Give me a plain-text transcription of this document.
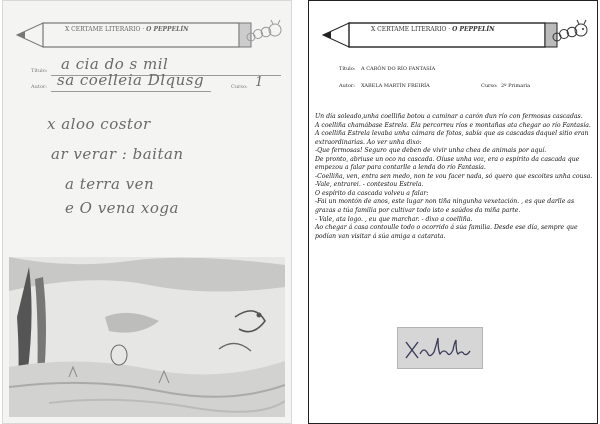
X CERTAME LITERARIO · O PEPPELÍN
Título: a cia do s mil
Autor: sa coelleia Dlqusg	Curso: 1
x aloo costor
ar verar : baitan
a terra ven
e O vena xoga
X CERTAME LITERARIO · O PEPPELÍN
Título: A CARÓN DO RÍO FANTASÍA
Autor: XABELA MARTÍN FREIRÍA	Curso: 2º Primaria

Un día soleado,unha coelliña botou a caminar a carón dun río con fermosas cascadas.

A coelliña chamábase Estrela. Ela percorreu ríos e montañas ata chegar ao río Fantasía.

A coelliña Estrela levaba unha cámara de fotos, sabía que as cascadas daquel sitio eran extraordinarias. Ao ver unha dixo:

-Que fermosas! Seguro que deben de vivir unha chea de animais por aquí.

De pronto, abriuse un oco na cascada. Oíuse unha voz, era o espírito da cascada que empezou a falar para contarlle a lenda do río Fantasía.

-Coelliña, ven, entra sen medo, non te vou facer nada, só quero que escoites unha cousa.

-Vale, entrarei. - contestou Estrela.

O espírito da cascada volveu a falar:

-Fai un montón de anos, este lugar non tiña ningunha vexetación. , es que darlle as grazas a túa familia por cultivar todo isto e saúdos da miña parte.

- Vale, ata logo. , eu que marchar. - dixo a coelliña.

Ao chegar á casa contoulle todo o ocorrido á súa familia. Desde ese día, sempre que podían van visitar á súa amiga a catarata.
